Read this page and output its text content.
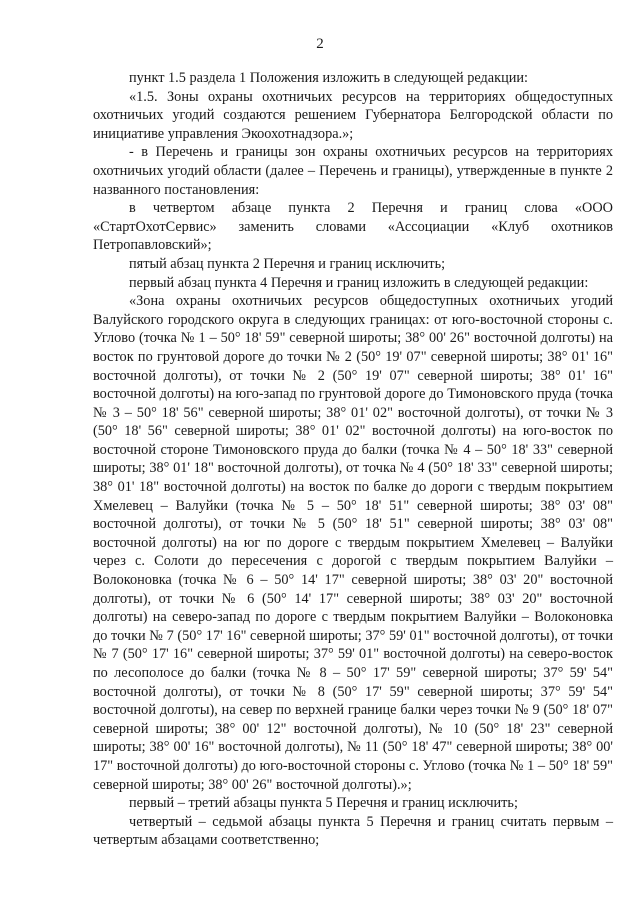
2

пункт 1.5 раздела 1 Положения изложить в следующей редакции:

«1.5. Зоны охраны охотничьих ресурсов на территориях общедоступных охотничьих угодий создаются решением Губернатора Белгородской области по инициативе управления Экоохотнадзора.»;

- в Перечень и границы зон охраны охотничьих ресурсов на территориях охотничьих угодий области (далее – Перечень и границы), утвержденные в пункте 2 названного постановления:

в четвертом абзаце пункта 2 Перечня и границ слова «ООО «СтартОхотСервис» заменить словами «Ассоциации «Клуб охотников Петропавловский»;

пятый абзац пункта 2 Перечня и границ исключить;

первый абзац пункта 4 Перечня и границ изложить в следующей редакции:

«Зона охраны охотничьих ресурсов общедоступных охотничьих угодий Валуйского городского округа в следующих границах: от юго-восточной стороны с. Углово (точка № 1 – 50° 18' 59" северной широты; 38° 00' 26" восточной долготы) на восток по грунтовой дороге до точки № 2 (50° 19' 07" северной широты; 38° 01' 16" восточной долготы), от точки № 2 (50° 19' 07" северной широты; 38° 01' 16" восточной долготы) на юго-запад по грунтовой дороге до Тимоновского пруда (точка № 3 – 50° 18' 56" северной широты; 38° 01' 02" восточной долготы), от точки № 3 (50° 18' 56" северной широты; 38° 01' 02" восточной долготы) на юго-восток по восточной стороне Тимоновского пруда до балки (точка № 4 – 50° 18' 33" северной широты; 38° 01' 18" восточной долготы), от точка № 4 (50° 18' 33" северной широты; 38° 01' 18" восточной долготы) на восток по балке до дороги с твердым покрытием Хмелевец – Валуйки (точка № 5 – 50° 18' 51" северной широты; 38° 03' 08" восточной долготы), от точки № 5 (50° 18' 51" северной широты; 38° 03' 08" восточной долготы) на юг по дороге с твердым покрытием Хмелевец – Валуйки через с. Солоти до пересечения с дорогой с твердым покрытием Валуйки – Волоконовка (точка № 6 – 50° 14' 17" северной широты; 38° 03' 20" восточной долготы), от точки № 6 (50° 14' 17" северной широты; 38° 03' 20" восточной долготы) на северо-запад по дороге с твердым покрытием Валуйки – Волоконовка до точки № 7 (50° 17' 16" северной широты; 37° 59' 01" восточной долготы), от точки № 7 (50° 17' 16" северной широты; 37° 59' 01" восточной долготы) на северо-восток по лесополосе до балки (точка № 8 – 50° 17' 59" северной широты; 37° 59' 54" восточной долготы), от точки № 8 (50° 17' 59" северной широты; 37° 59' 54" восточной долготы), на север по верхней границе балки через точки № 9 (50° 18' 07" северной широты; 38° 00' 12" восточной долготы), № 10 (50° 18' 23" северной широты; 38° 00' 16" восточной долготы), № 11 (50° 18' 47" северной широты; 38° 00' 17" восточной долготы) до юго-восточной стороны с. Углово (точка № 1 – 50° 18' 59" северной широты; 38° 00' 26" восточной долготы).»;

первый – третий абзацы пункта 5 Перечня и границ исключить;

четвертый – седьмой абзацы пункта 5 Перечня и границ считать первым – четвертым абзацами соответственно;
